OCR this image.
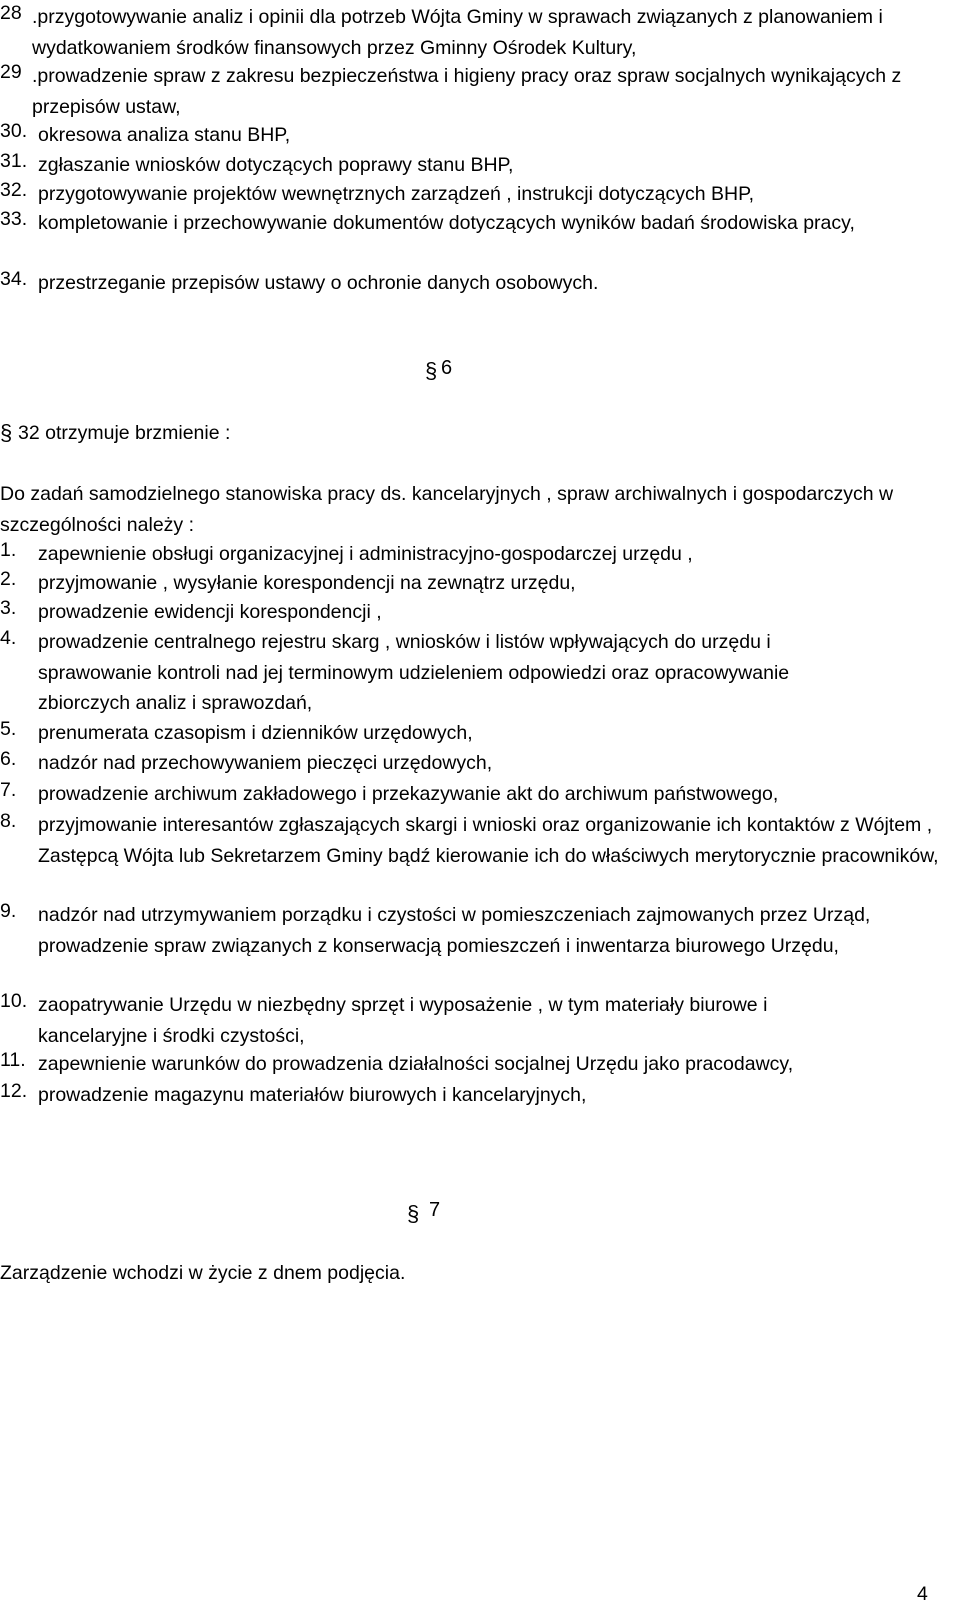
28 .przygotowywanie analiz i opinii dla potrzeb Wójta Gminy w sprawach związanych z planowaniem i wydatkowaniem środków finansowych przez Gminny Ośrodek Kultury,
29 .prowadzenie spraw z zakresu bezpieczeństwa i higieny pracy oraz spraw socjalnych wynikających z przepisów ustaw,
30. okresowa analiza stanu BHP,
31. zgłaszanie wniosków dotyczących poprawy stanu BHP,
32. przygotowywanie projektów wewnętrznych zarządzeń , instrukcji dotyczących BHP,
33. kompletowanie i przechowywanie dokumentów dotyczących wyników badań środowiska pracy,
34. przestrzeganie przepisów ustawy o ochronie danych osobowych.
§ 6
§ 32 otrzymuje brzmienie :
Do zadań samodzielnego stanowiska pracy ds. kancelaryjnych , spraw archiwalnych i gospodarczych w szczególności należy :
1. zapewnienie obsługi organizacyjnej i administracyjno-gospodarczej urzędu ,
2. przyjmowanie , wysyłanie korespondencji na zewnątrz urzędu,
3. prowadzenie ewidencji korespondencji ,
4. prowadzenie centralnego rejestru skarg , wniosków i listów wpływających do urzędu i sprawowanie kontroli nad jej terminowym udzieleniem odpowiedzi oraz opracowywanie zbiorczych analiz i sprawozdań,
5. prenumerata czasopism i dzienników urzędowych,
6. nadzór nad przechowywaniem pieczęci urzędowych,
7. prowadzenie archiwum zakładowego i przekazywanie akt do archiwum państwowego,
8. przyjmowanie interesantów zgłaszających skargi i wnioski oraz organizowanie ich kontaktów z Wójtem , Zastępcą Wójta lub Sekretarzem Gminy bądź kierowanie ich do właściwych merytorycznie pracowników,
9. nadzór nad utrzymywaniem porządku i czystości w pomieszczeniach zajmowanych przez Urząd, prowadzenie spraw związanych z konserwacją pomieszczeń i inwentarza biurowego Urzędu,
10. zaopatrywanie Urzędu w niezbędny sprzęt i wyposażenie , w tym materiały biurowe i kancelaryjne i środki czystości,
11. zapewnienie warunków do prowadzenia działalności socjalnej Urzędu jako pracodawcy,
12. prowadzenie magazynu materiałów biurowych i kancelaryjnych,
§ 7
Zarządzenie wchodzi w życie z dnem podjęcia.
4
